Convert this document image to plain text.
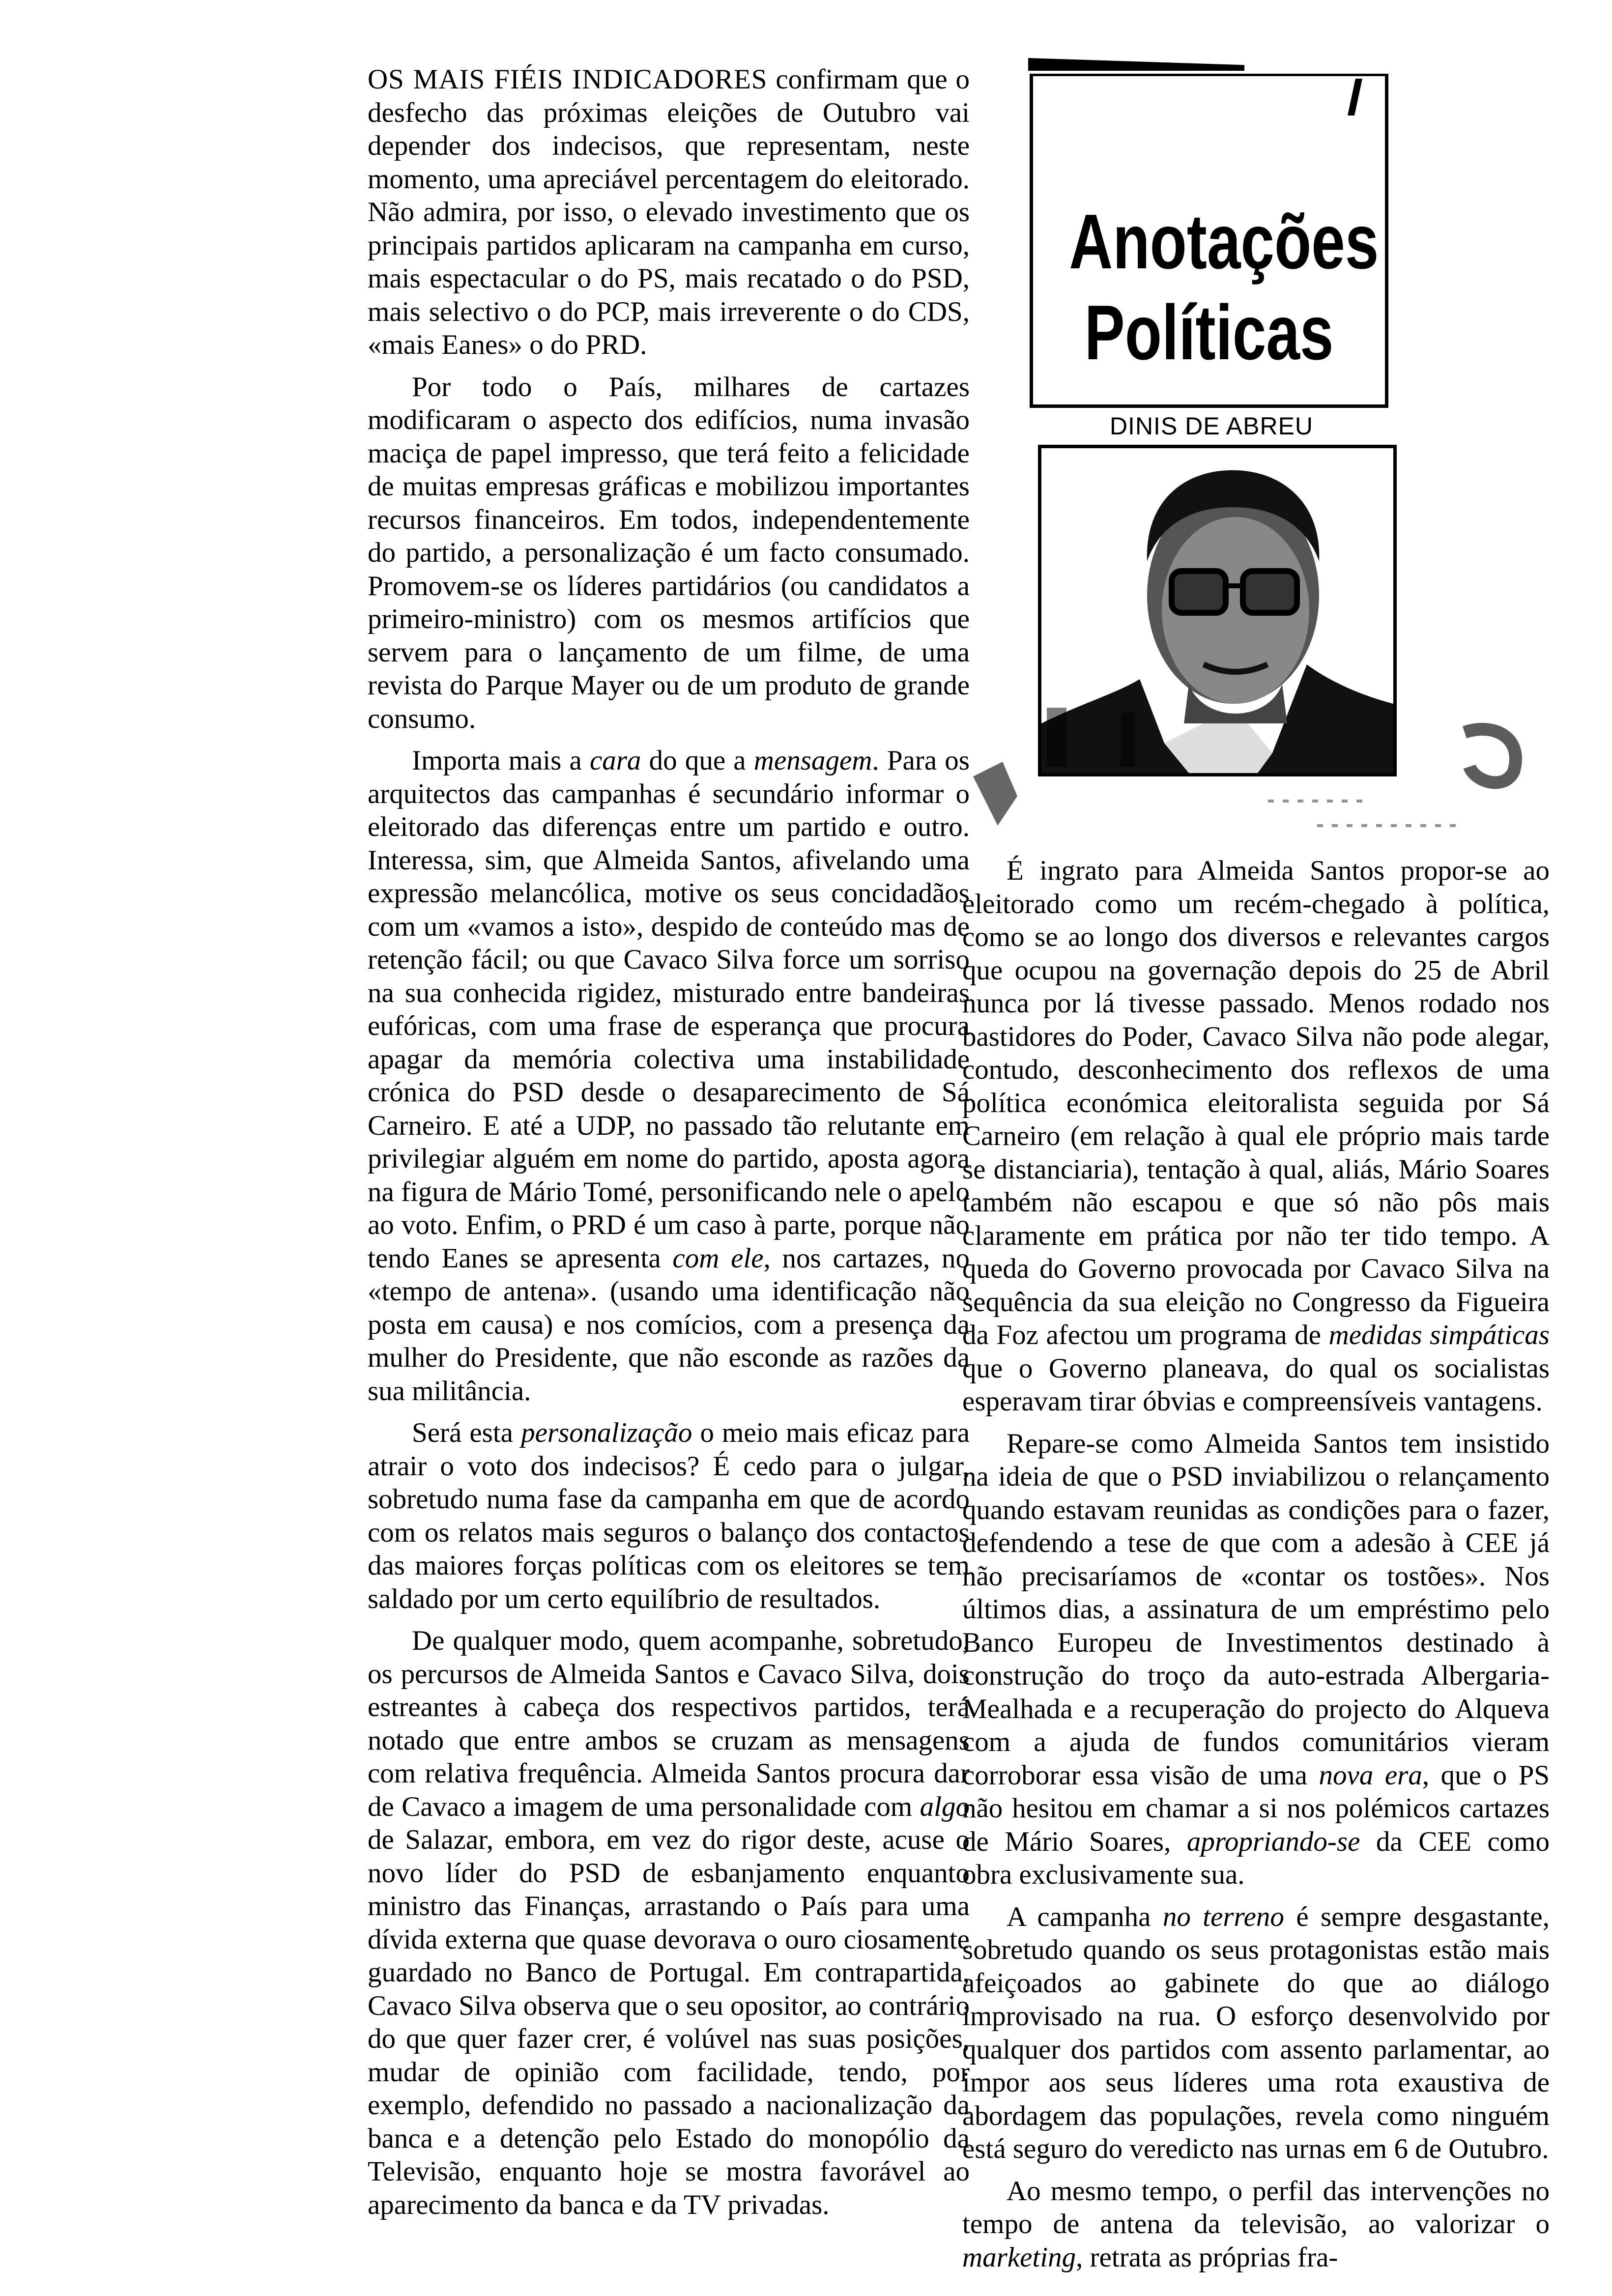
Anotações
Políticas
DINIS DE ABREU

OS MAIS FIÉIS INDICADORES confirmam que o desfecho das próximas eleições de Outubro vai depender dos indecisos, que representam, neste momento, uma apreciável percentagem do eleitorado. Não admira, por isso, o elevado investimento que os principais partidos aplicaram na campanha em curso, mais espectacular o do PS, mais recatado o do PSD, mais selectivo o do PCP, mais irreverente o do CDS, «mais Eanes» o do PRD.

Por todo o País, milhares de cartazes modificaram o aspecto dos edifícios, numa invasão maciça de papel impresso, que terá feito a felicidade de muitas empresas gráficas e mobilizou importantes recursos financeiros. Em todos, independentemente do partido, a personalização é um facto consumado. Promovem-se os líderes partidários (ou candidatos a primeiro-ministro) com os mesmos artifícios que servem para o lançamento de um filme, de uma revista do Parque Mayer ou de um produto de grande consumo.

Importa mais a cara do que a mensagem. Para os arquitectos das campanhas é secundário informar o eleitorado das diferenças entre um partido e outro. Interessa, sim, que Almeida Santos, afivelando uma expressão melancólica, motive os seus concidadãos com um «vamos a isto», despido de conteúdo mas de retenção fácil; ou que Cavaco Silva force um sorriso na sua conhecida rigidez, misturado entre bandeiras eufóricas, com uma frase de esperança que procura apagar da memória colectiva uma instabilidade crónica do PSD desde o desaparecimento de Sá Carneiro. E até a UDP, no passado tão relutante em privilegiar alguém em nome do partido, aposta agora na figura de Mário Tomé, personificando nele o apelo ao voto. Enfim, o PRD é um caso à parte, porque não tendo Eanes se apresenta com ele, nos cartazes, no «tempo de antena». (usando uma identificação não posta em causa) e nos comícios, com a presença da mulher do Presidente, que não esconde as razões da sua militância.

Será esta personalização o meio mais eficaz para atrair o voto dos indecisos? É cedo para o julgar, sobretudo numa fase da campanha em que de acordo com os relatos mais seguros o balanço dos contactos das maiores forças políticas com os eleitores se tem saldado por um certo equilíbrio de resultados.

De qualquer modo, quem acompanhe, sobretudo, os percursos de Almeida Santos e Cavaco Silva, dois estreantes à cabeça dos respectivos partidos, terá notado que entre ambos se cruzam as mensagens com relativa frequência. Almeida Santos procura dar de Cavaco a imagem de uma personalidade com algo de Salazar, embora, em vez do rigor deste, acuse o novo líder do PSD de esbanjamento enquanto ministro das Finanças, arrastando o País para uma dívida externa que quase devorava o ouro ciosamente guardado no Banco de Portugal. Em contrapartida, Cavaco Silva observa que o seu opositor, ao contrário do que quer fazer crer, é volúvel nas suas posições, mudar de opinião com facilidade, tendo, por exemplo, defendido no passado a nacionalização da banca e a detenção pelo Estado do monopólio da Televisão, enquanto hoje se mostra favorável ao aparecimento da banca e da TV privadas.

É ingrato para Almeida Santos propor-se ao eleitorado como um recém-chegado à política, como se ao longo dos diversos e relevantes cargos que ocupou na governação depois do 25 de Abril nunca por lá tivesse passado. Menos rodado nos bastidores do Poder, Cavaco Silva não pode alegar, contudo, desconhecimento dos reflexos de uma política económica eleitoralista seguida por Sá Carneiro (em relação à qual ele próprio mais tarde se distanciaria), tentação à qual, aliás, Mário Soares também não escapou e que só não pôs mais claramente em prática por não ter tido tempo. A queda do Governo provocada por Cavaco Silva na sequência da sua eleição no Congresso da Figueira da Foz afectou um programa de medidas simpáticas que o Governo planeava, do qual os socialistas esperavam tirar óbvias e compreensíveis vantagens.

Repare-se como Almeida Santos tem insistido na ideia de que o PSD inviabilizou o relançamento quando estavam reunidas as condições para o fazer, defendendo a tese de que com a adesão à CEE já não precisaríamos de «contar os tostões». Nos últimos dias, a assinatura de um empréstimo pelo Banco Europeu de Investimentos destinado à construção do troço da auto-estrada Albergaria-Mealhada e a recuperação do projecto do Alqueva com a ajuda de fundos comunitários vieram corroborar essa visão de uma nova era, que o PS não hesitou em chamar a si nos polémicos cartazes de Mário Soares, apropriando-se da CEE como obra exclusivamente sua.

A campanha no terreno é sempre desgastante, sobretudo quando os seus protagonistas estão mais afeiçoados ao gabinete do que ao diálogo improvisado na rua. O esforço desenvolvido por qualquer dos partidos com assento parlamentar, ao impor aos seus líderes uma rota exaustiva de abordagem das populações, revela como ninguém está seguro do veredicto nas urnas em 6 de Outubro.

Ao mesmo tempo, o perfil das intervenções no tempo de antena da televisão, ao valorizar o marketing, retrata as próprias fra-
